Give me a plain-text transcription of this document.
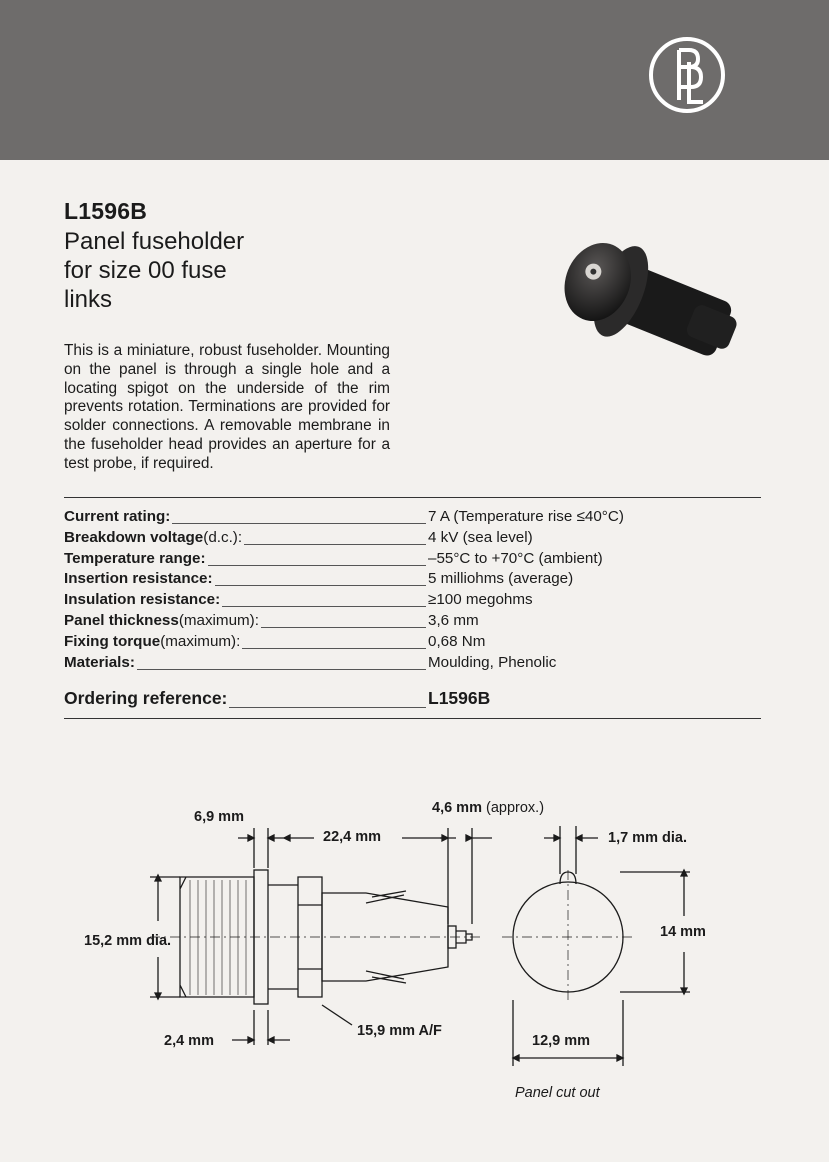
L1596B
Panel fuseholder
for size 00 fuse
links
This is a miniature, robust fuseholder. Mounting on the panel is through a single hole and a locating spigot on the underside of the rim prevents rotation. Terminations are provided for solder connections. A removable membrane in the fuseholder head provides an aperture for a test probe, if required.
Current rating:	7 A (Temperature rise ≤40°C)
Breakdown voltage(d.c.):	4 kV (sea level)
Temperature range:	–55°C to +70°C (ambient)
Insertion resistance:	5 milliohms (average)
Insulation resistance:	≥100 megohms
Panel thickness(maximum):	3,6 mm
Fixing torque(maximum):	0,68 Nm
Materials:	Moulding, Phenolic
Ordering reference:	L1596B
6,9 mm
22,4 mm
4,6 mm (approx.)
1,7 mm dia.
15,2 mm dia.
14 mm
2,4 mm
15,9 mm A/F
12,9 mm
Panel cut out
